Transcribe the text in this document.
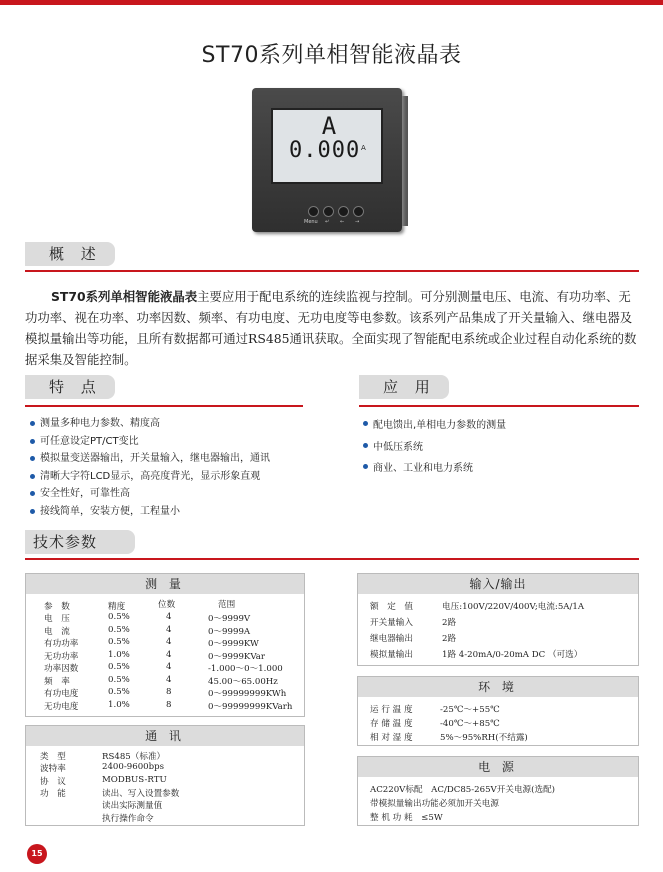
ST70系列单相智能液晶表
A
0.000 A
Menu ↵ ← →
概 述
ST70系列单相智能液晶表主要应用于配电系统的连续监视与控制。可分别测量电压、电流、有功功率、无功功率、视在功率、功率因数、频率、有功电度、无功电度等电参数。该系列产品集成了开关量输入、继电器及模拟量输出等功能，且所有数据都可通过RS485通讯获取。全面实现了智能配电系统或企业过程自动化系统的数据采集及智能控制。
特 点
测量多种电力参数、精度高
可任意设定PT/CT变比
模拟量变送器输出，开关量输入，继电器输出，通讯
清晰大字符LCD显示，高亮度背光，显示形象直观
安全性好，可靠性高
接线简单，安装方便，工程量小
应 用
配电馈出,单相电力参数的测量
中低压系统
商业、工业和电力系统
技术参数
测 量
参　数	精度	位数	范围
电　压	0.5%	4	0～9999V
电　流	0.5%	4	0～9999A
有功功率	0.5%	4	0～9999KW
无功功率	1.0%	4	0～9999KVar
功率因数	0.5%	4	-1.000～0～1.000
频　率	0.5%	4	45.00～65.00Hz
有功电度	0.5%	8	0～99999999KWh
无功电度	1.0%	8	0～99999999KVarh
通 讯
类　型	RS485（标准）
波特率	2400-9600bps
协　议	MODBUS-RTU
功　能	读出、写入设置参数
读出实际测量值
执行操作命令
输入/输出
额　定　值	电压:100V/220V/400V;电流:5A/1A
开关量输入	2路
继电器输出	2路
模拟量输出	1路 4-20mA/0-20mA DC （可选）
环 境
运 行 温 度	-25℃～+55℃
存 储 温 度	-40℃～+85℃
相 对 湿 度	5%～95%RH(不结露)
电 源
AC220V标配　AC/DC85-265V开关电源(选配)
带模拟量输出功能必须加开关电源
整 机 功 耗　≤5W
15
